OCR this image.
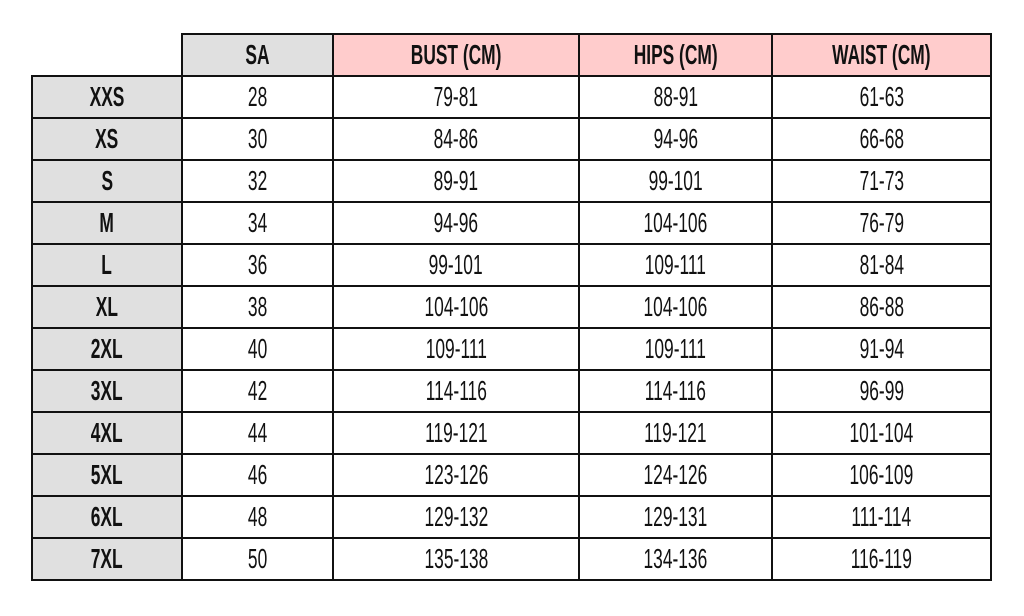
	SA	BUST (CM)	HIPS (CM)	WAIST (CM)
XXS	28	79-81	88-91	61-63
XS	30	84-86	94-96	66-68
S	32	89-91	99-101	71-73
M	34	94-96	104-106	76-79
L	36	99-101	109-111	81-84
XL	38	104-106	104-106	86-88
2XL	40	109-111	109-111	91-94
3XL	42	114-116	114-116	96-99
4XL	44	119-121	119-121	101-104
5XL	46	123-126	124-126	106-109
6XL	48	129-132	129-131	111-114
7XL	50	135-138	134-136	116-119
